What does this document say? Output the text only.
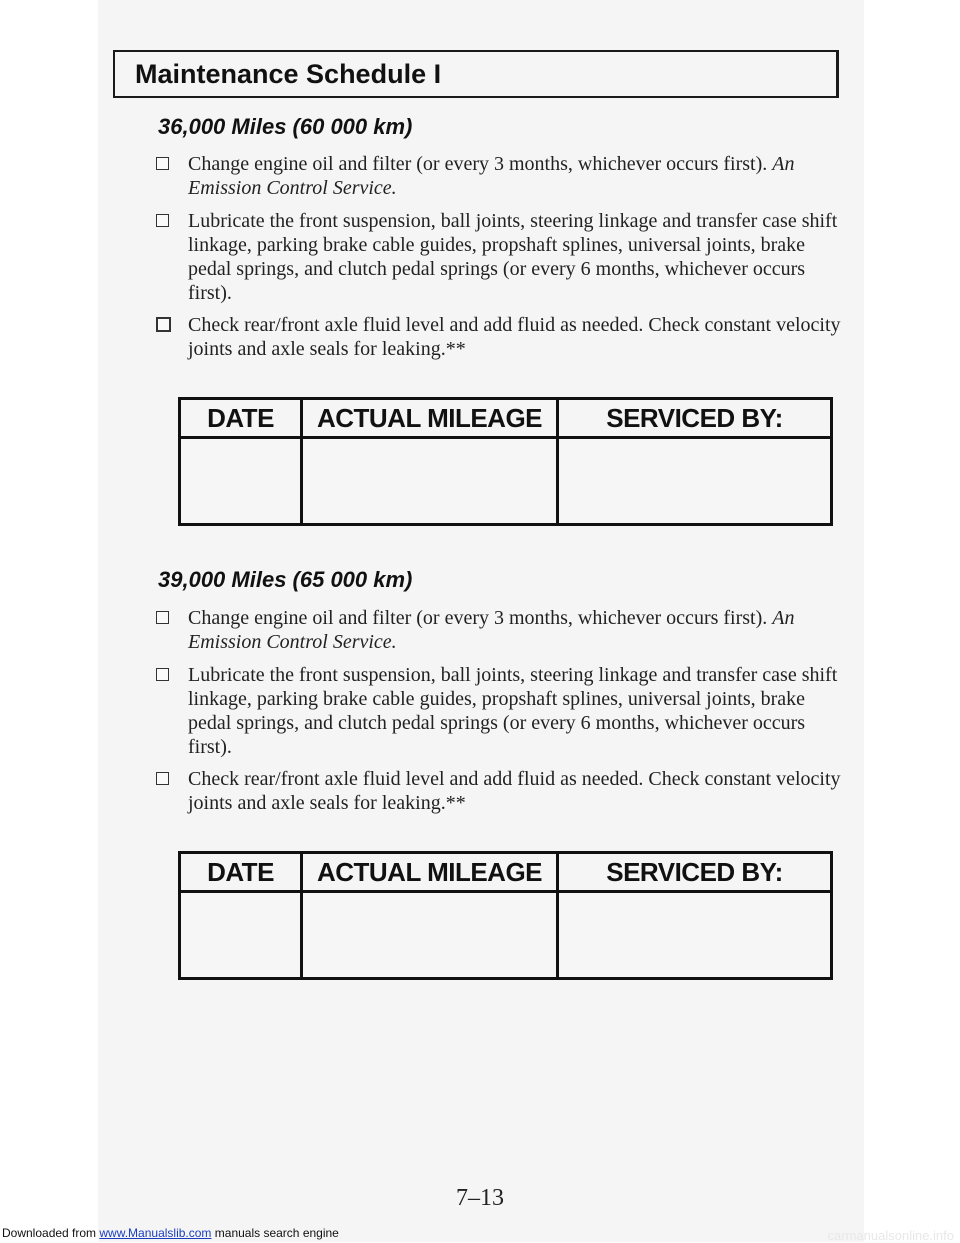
Maintenance Schedule I
36,000 Miles (60 000 km)
Change engine oil and filter (or every 3 months, whichever occurs first). An Emission Control Service.
Lubricate the front suspension, ball joints, steering linkage and transfer case shift linkage, parking brake cable guides, propshaft splines, universal joints, brake pedal springs, and clutch pedal springs (or every 6 months, whichever occurs first).
Check rear/front axle fluid level and add fluid as needed. Check constant velocity joints and axle seals for leaking.**
DATE	ACTUAL MILEAGE	SERVICED BY:

39,000 Miles (65 000 km)
Change engine oil and filter (or every 3 months, whichever occurs first). An Emission Control Service.
Lubricate the front suspension, ball joints, steering linkage and transfer case shift linkage, parking brake cable guides, propshaft splines, universal joints, brake pedal springs, and clutch pedal springs (or every 6 months, whichever occurs first).
Check rear/front axle fluid level and add fluid as needed. Check constant velocity joints and axle seals for leaking.**
DATE	ACTUAL MILEAGE	SERVICED BY:

7–13
Downloaded from www.Manualslib.com manuals search engine	carmanualsonline.info
